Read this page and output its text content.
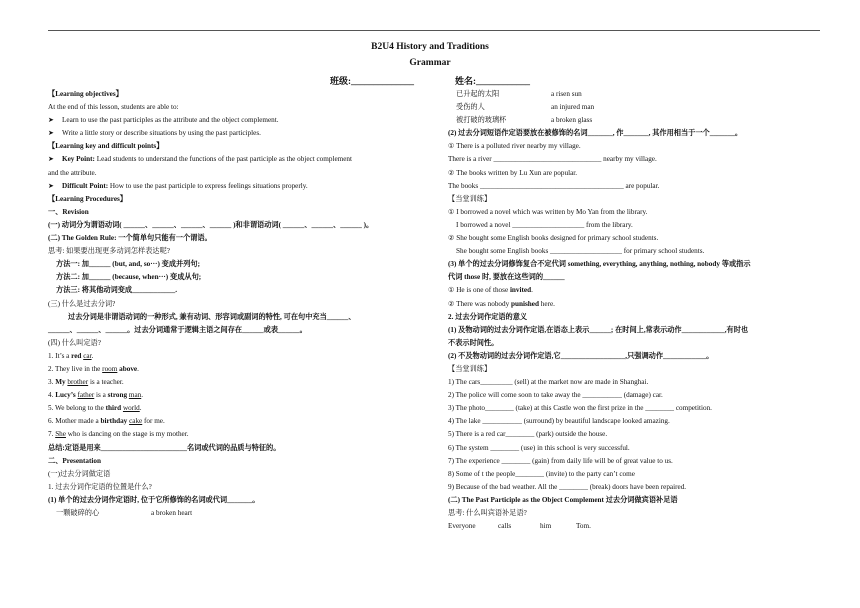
B2U4 History and Traditions
Grammar
班级:______________	姓名:____________

【Learning objectives】

At the end of this lesson, students are able to:

➤ Learn to use the past participles as the attribute and the object complement.

➤ Write a little story or describe situations by using the past participles.

【Learning key and difficult points】

➤ Key Point: Lead students to understand the functions of the past participle as the object complement

and the attribute.

➤ Difficult Point: How to use the past participle to express feelings situations properly.

【Learning Procedures】

一、Revision

(一) 动词分为谓语动词( ______、______、______、______ )和非谓语动词( ______、______、______ )。

(二) The Golden Rule: 一个简单句只能有一个谓语。

思考: 如果要出现更多动词怎样表达呢?

方法一: 加______ (but, and, so···) 变成并列句;

方法二: 加______ (because, when···) 变成从句;

方法三: 将其他动词变成____________.

(三) 什么是过去分词?

过去分词是非谓语动词的一种形式, 兼有动词、形容词或副词的特性, 可在句中充当______、

______、______、______。过去分词通常于逻辑主语之间存在______或表______。

(四) 什么叫定语?

1. It’s a red car.

2. They live in the room above.

3. My brother is a teacher.

4. Lucy’s father is a strong man.

5. We belong to the third world.

6. Mother made a birthday cake for me.

7. She who is dancing on the stage is my mother.

总结:定语是用来________________________名词或代词的品质与特征的。

二、Presentation

(一)过去分词做定语

1. 过去分词作定语的位置是什么?

(1) 单个的过去分词作定语时, 位于它所修饰的名词或代词_______。

一颗破碎的心	a broken heart

已升起的太阳	a risen sun

受伤的人	an injured man

被打破的玻璃杯	a broken glass

(2) 过去分词短语作定语要放在被修饰的名词_______, 作_______, 其作用相当于一个_______。

① There is a polluted river nearby my village.

There is a river ______________________________ nearby my village.

② The books written by Lu Xun are popular.

The books ________________________________________ are popular.

【当堂训练】

① I borrowed a novel which was written by Mo Yan from the library.

I borrowed a novel ____________________ from the library.

② She bought some English books designed for primary school students.

She bought some English books ____________________ for primary school students.

(3) 单个的过去分词修饰复合不定代词 something, everything, anything, nothing, nobody 等或指示

代词 those 时, 要放在这些词的______

① He is one of those invited.

② There was nobody punished here.

2. 过去分词作定语的意义

(1) 及物动词的过去分词作定语,在语态上表示______; 在时间上,常表示动作____________,有时也

不表示时间性。

(2) 不及物动词的过去分词作定语,它__________________,只强调动作____________。

【当堂训练】

1) The cars_________ (sell) at the market now are made in Shanghai.

2) The police will come soon to take away the ___________ (damage) car.

3) The photo________ (take) at this Castle won the first prize in the ________ competition.

4) The lake ___________ (surround) by beautiful landscape looked amazing.

5) There is a red car________ (park) outside the house.

6) The system ________ (use) in this school is very successful.

7) The experience ________ (gain) from daily life will be of great value to us.

8) Some of t the people________ (invite) to the party can’t come

9) Because of the bad weather. All the ________ (break) doors have been repaired.

(二) The Past Participle as the Object Complement 过去分词做宾语补足语

思考: 什么叫宾语补足语?

Everyone	calls	him	Tom.
